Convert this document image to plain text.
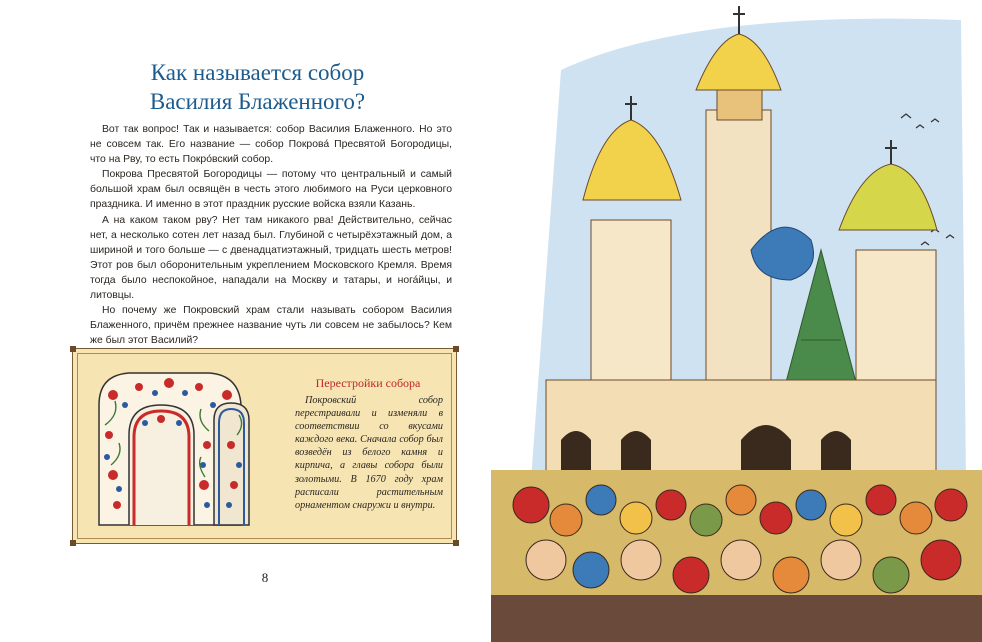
Как называется собор
Василия Блаженного?

Вот так вопрос! Так и называется: собор Василия Блаженного. Но это не совсем так. Его название — собор Покрова́ Пресвятой Богородицы, что на Рву, то есть Покро́вский собор.

Покрова Пресвятой Богородицы — потому что центральный и самый большой храм был освящён в честь этого любимого на Руси церковного праздника. И именно в этот праздник русские войска взяли Казань.

А на каком таком рву? Нет там никакого рва! Действительно, сейчас нет, а несколько сотен лет назад был. Глубиной с четырёхэтажный дом, а шириной и того больше — с двенадцатиэтажный, тридцать шесть метров! Этот ров был оборонительным укреплением Московского Кремля. Время тогда было неспокойное, нападали на Москву и татары, и нога́йцы, и литовцы.

Но почему же Покровский храм стали называть собором Василия Блаженного, причём прежнее название чуть ли совсем не забылось? Кем же был этот Василий?

Перестройки собора

Покровский собор перестраивали и изменяли в соответствии со вкусами каждого века. Сначала собор был возведён из белого камня и кирпича, а главы собора были золотыми. В 1670 году храм расписали растительным орнаментом снаружи и внутри.

8
